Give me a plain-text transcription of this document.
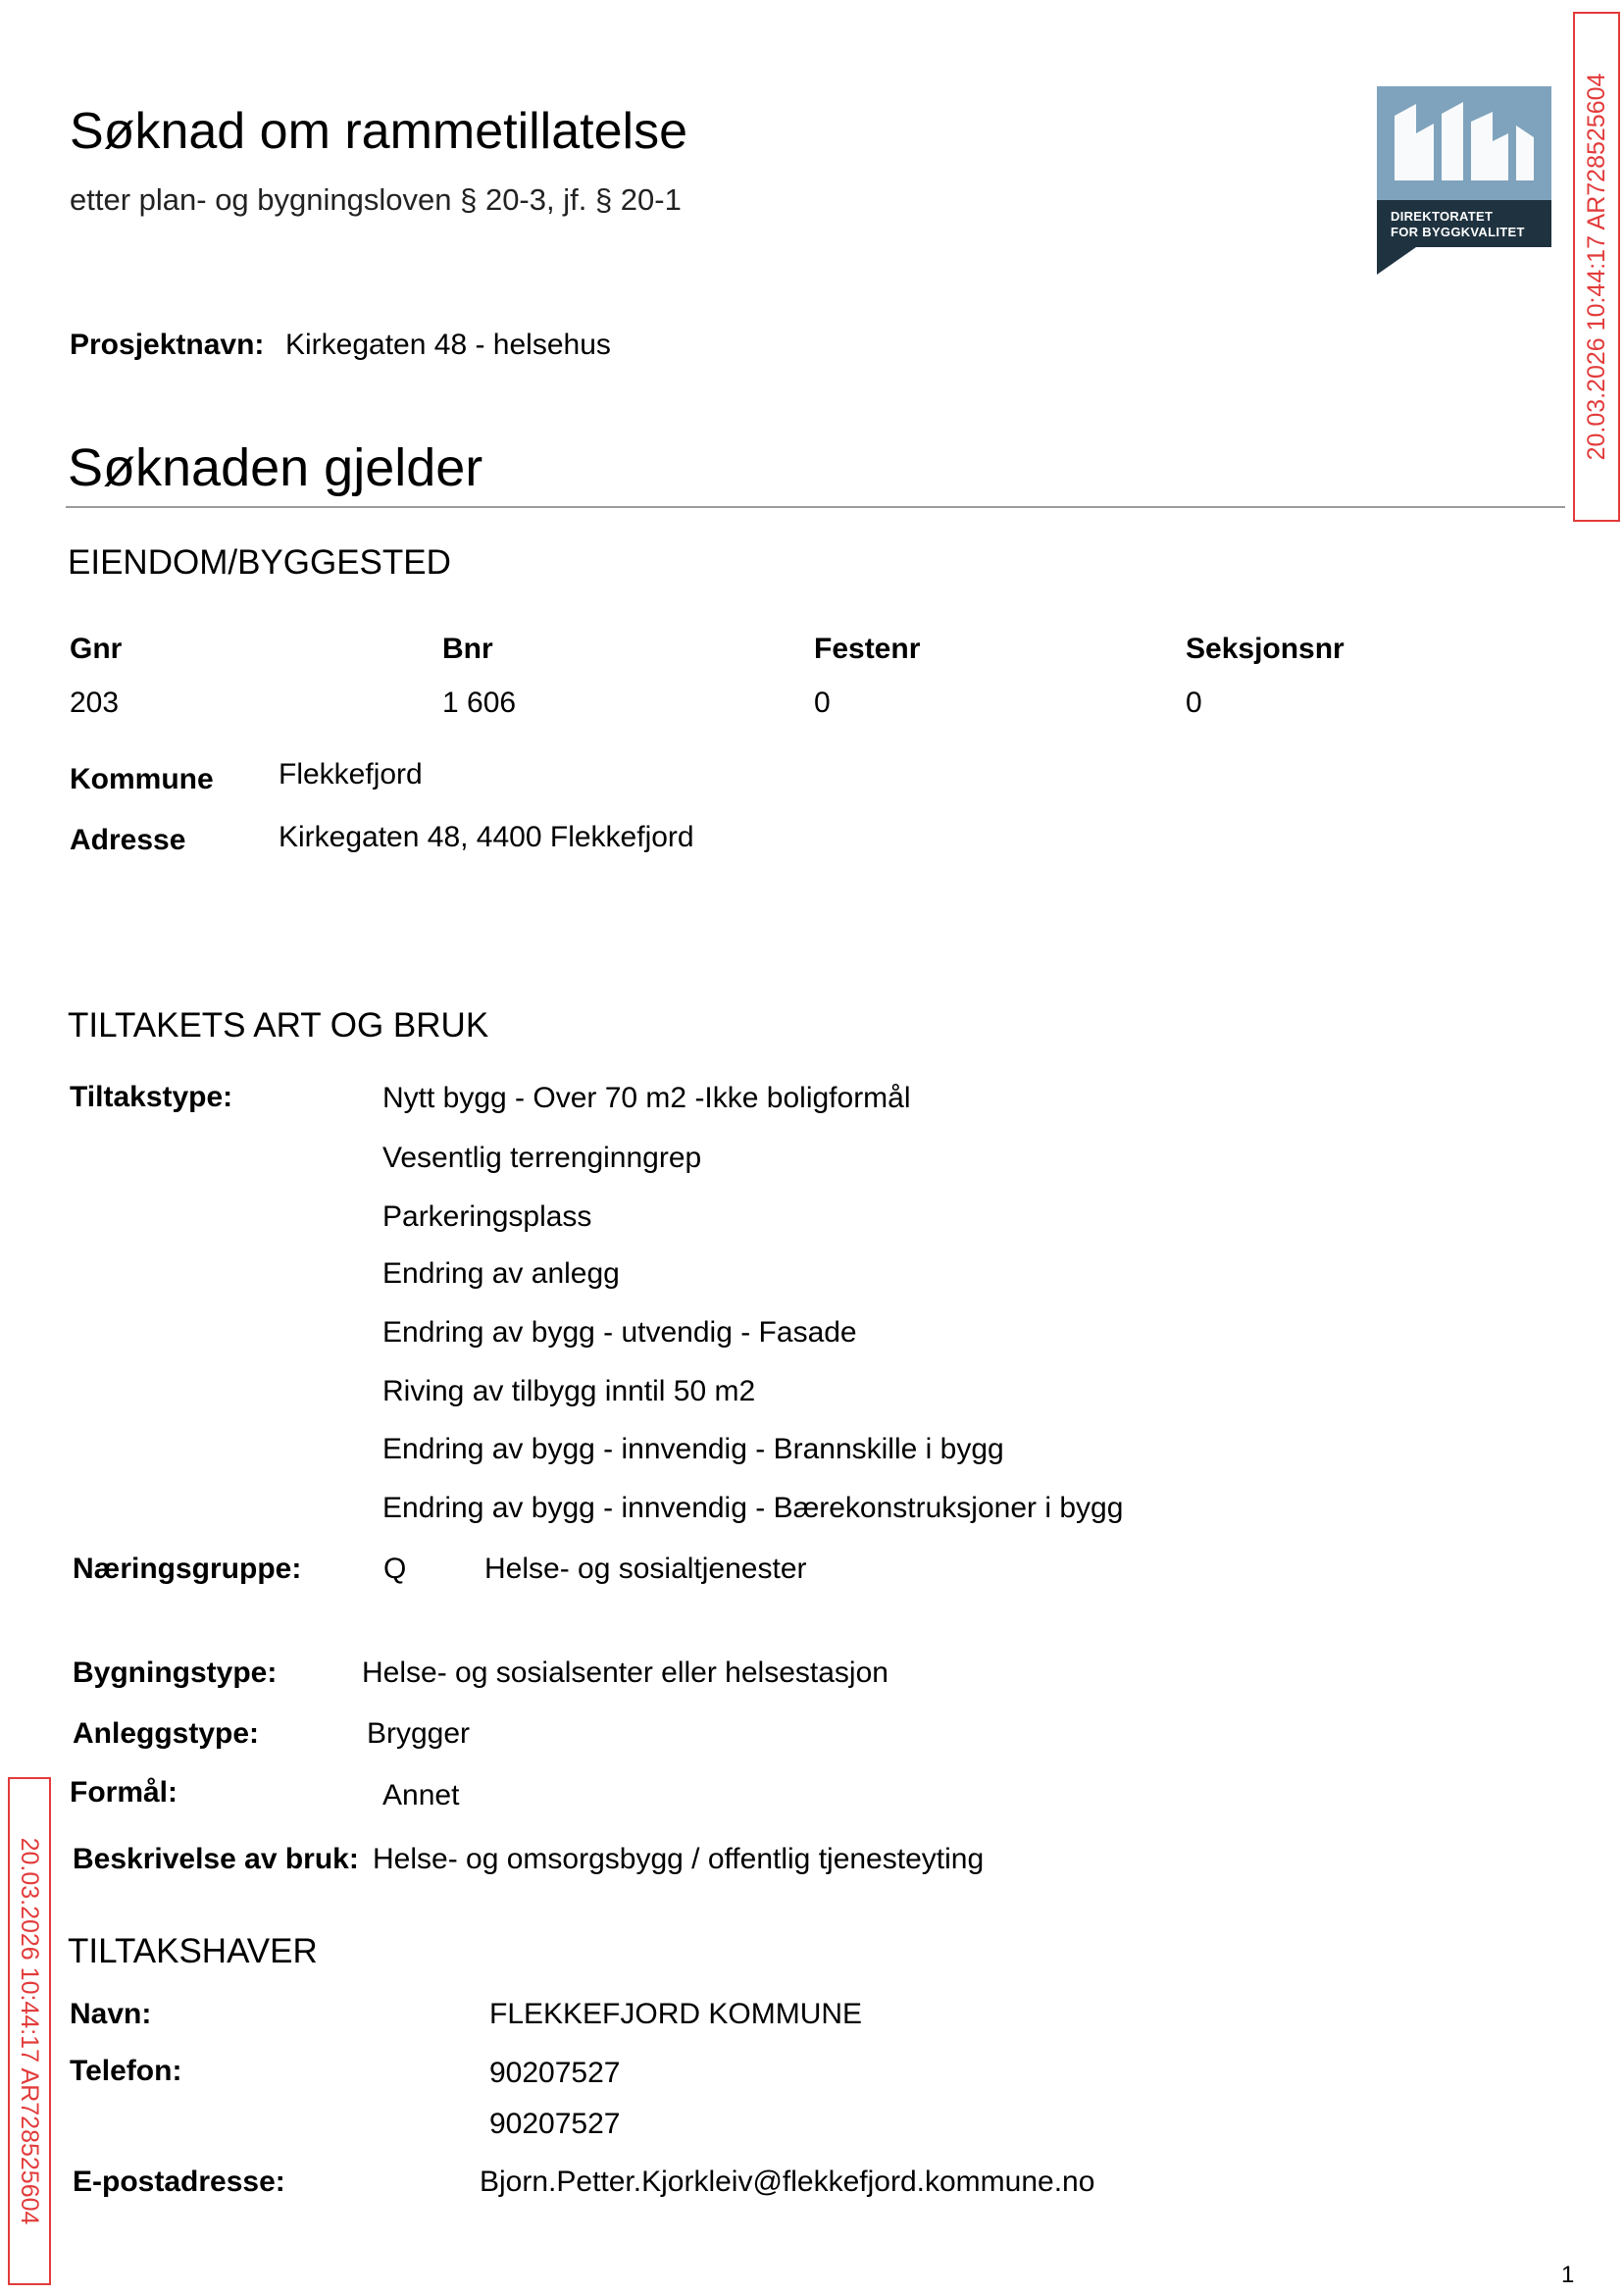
Søknad om rammetillatelse
etter plan- og bygningsloven § 20-3, jf. § 20-1	DIREKTORATET
FOR BYGGKVALITET 20.03.2026 10:44:17 AR728525604
20.03.2026 10:44:17 AR728525604
Prosjektnavn: Kirkegaten 48 - helsehus
Søknaden gjelder
EIENDOM/BYGGESTED
Gnr	Bnr	Festenr	Seksjonsnr
203	1 606	0	0
Kommune Flekkefjord
Adresse	Kirkegaten 48, 4400 Flekkefjord
TILTAKETS ART OG BRUK
Tiltakstype:	Nytt bygg - Over 70 m2 -Ikke boligformål
Vesentlig terrenginngrep
Parkeringsplass
Endring av anlegg
Endring av bygg - utvendig - Fasade
Riving av tilbygg inntil 50 m2
Endring av bygg - innvendig - Brannskille i bygg
Endring av bygg - innvendig - Bærekonstruksjoner i bygg
Næringsgruppe:	Q	Helse- og sosialtjenester
Bygningstype:	Helse- og sosialsenter eller helsestasjon
Anleggstype:	Brygger
Formål:	Annet
Beskrivelse av bruk: Helse- og omsorgsbygg / offentlig tjenesteyting
TILTAKSHAVER
Navn:	FLEKKEFJORD KOMMUNE
Telefon:	90207527
90207527
E-postadresse:	Bjorn.Petter.Kjorkleiv@flekkefjord.kommune.no
1
